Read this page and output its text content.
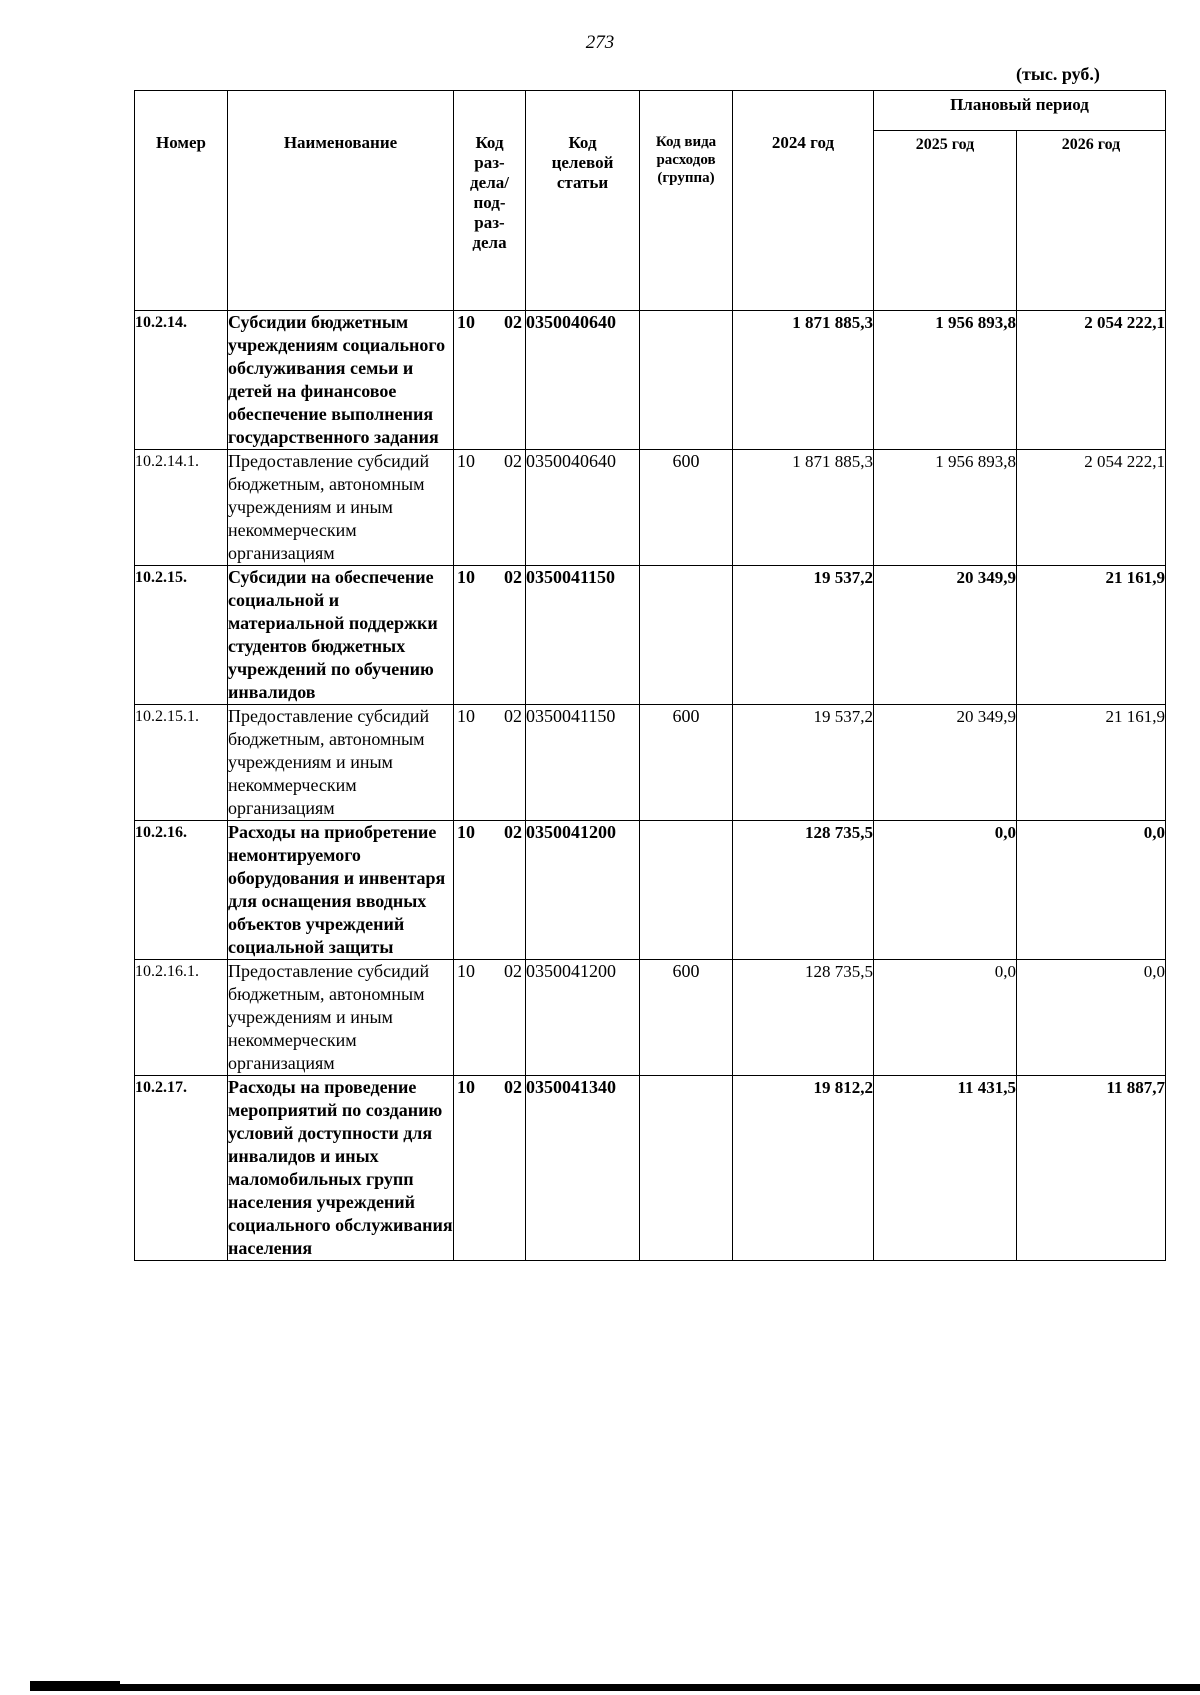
273
(тыс. руб.)
Номер	Наименование	Код раз- дела/ под- раз- дела	Код целевой статьи	Код вида расходов (группа)	2024 год	Плановый период	
						2025 год	2026 год
10.2.14.	Субсидии бюджетным учреждениям социального обслуживания семьи и детей на финансовое обеспечение выполнения государственного задания	10 02	0350040640		1 871 885,3	1 956 893,8	2 054 222,1
10.2.14.1.	Предоставление субсидий бюджетным, автономным учреждениям и иным некоммерческим организациям	10 02	0350040640	600	1 871 885,3	1 956 893,8	2 054 222,1
10.2.15.	Субсидии на обеспечение социальной и материальной поддержки студентов бюджетных учреждений по обучению инвалидов	10 02	0350041150		19 537,2	20 349,9	21 161,9
10.2.15.1.	Предоставление субсидий бюджетным, автономным учреждениям и иным некоммерческим организациям	10 02	0350041150	600	19 537,2	20 349,9	21 161,9
10.2.16.	Расходы на приобретение немонтируемого оборудования и инвентаря для оснащения вводных объектов учреждений социальной защиты	10 02	0350041200		128 735,5	0,0	0,0
10.2.16.1.	Предоставление субсидий бюджетным, автономным учреждениям и иным некоммерческим организациям	10 02	0350041200	600	128 735,5	0,0	0,0
10.2.17.	Расходы на проведение мероприятий по созданию условий доступности для инвалидов и иных маломобильных групп населения учреждений социального обслуживания населения	10 02	0350041340		19 812,2	11 431,5	11 887,7
